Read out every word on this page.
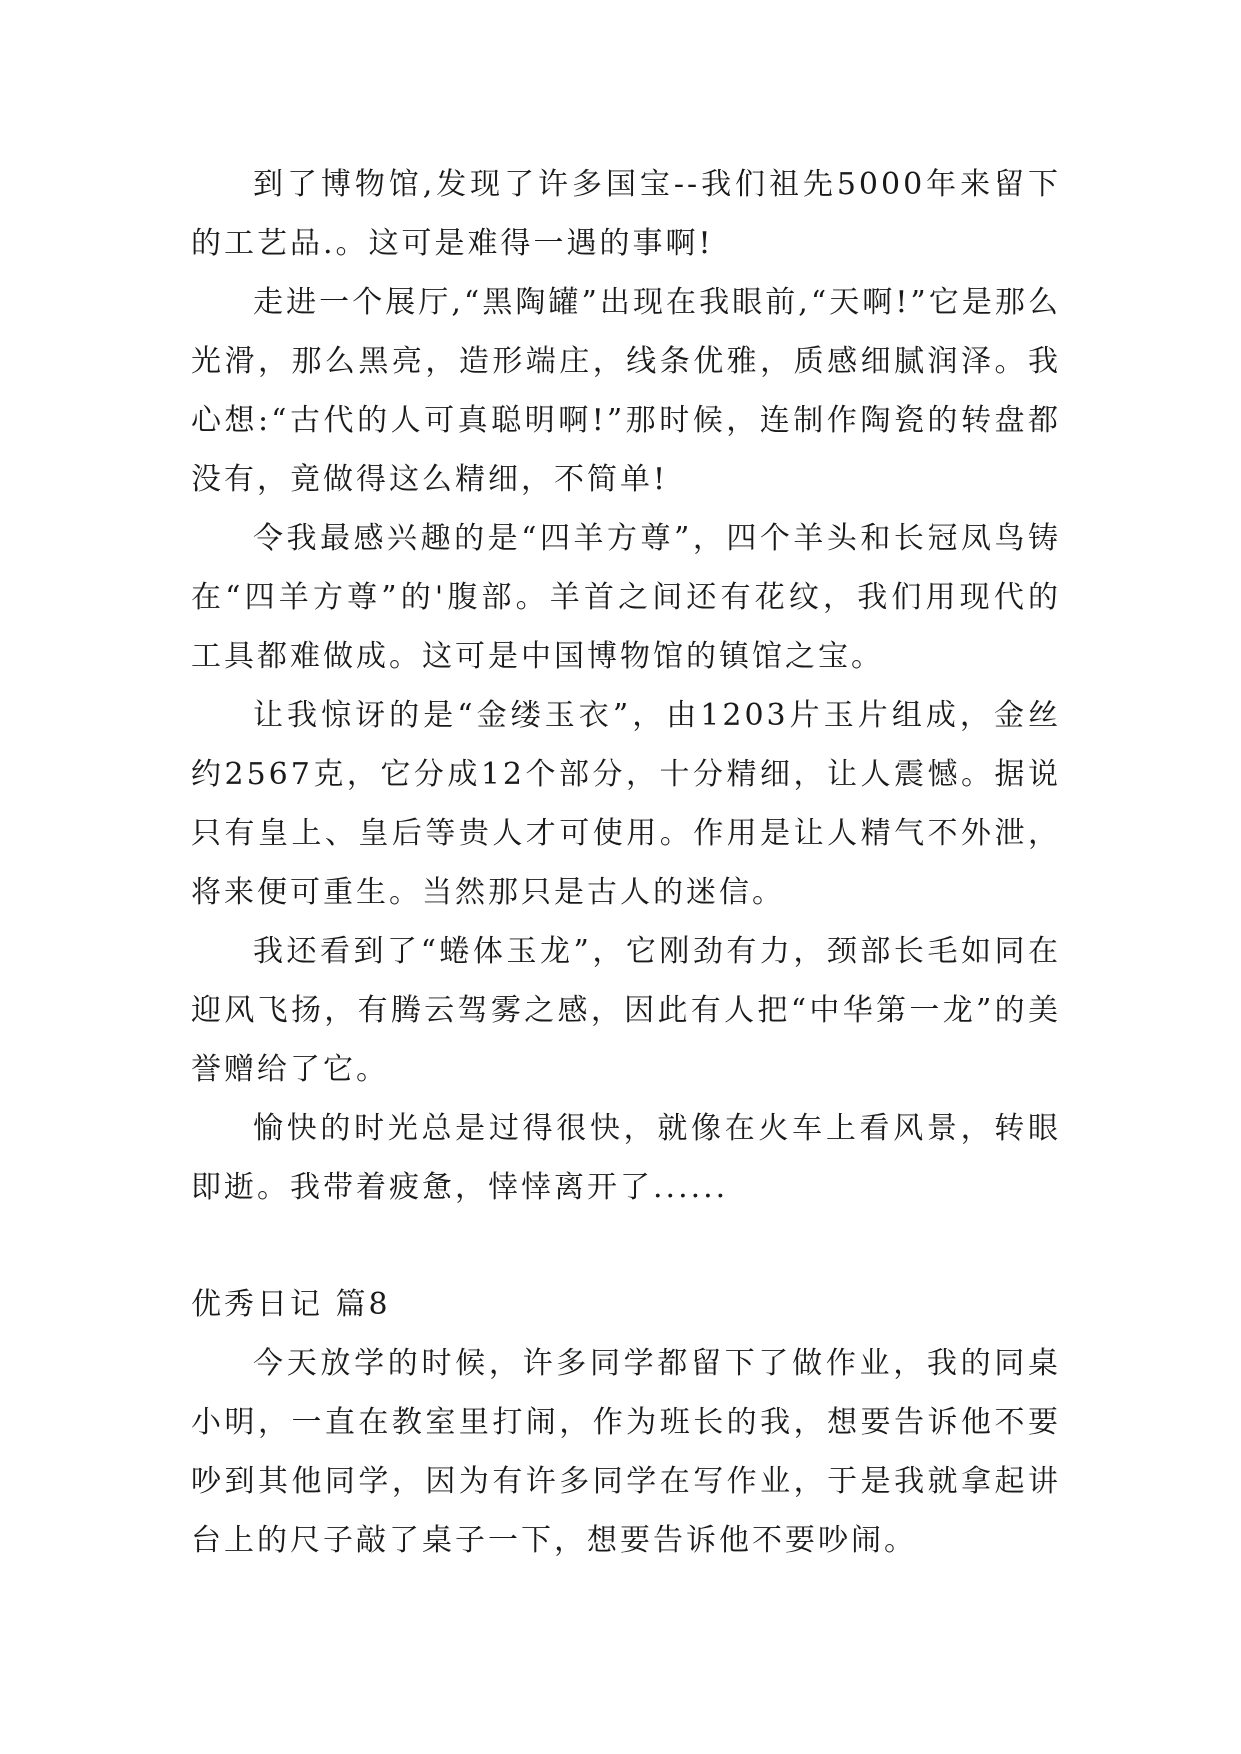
到了博物馆,发现了许多国宝--我们祖先5000年来留下的工艺品.。这可是难得一遇的事啊!

走进一个展厅,“黑陶罐”出现在我眼前,“天啊!”它是那么光滑，那么黑亮，造形端庄，线条优雅，质感细腻润泽。我心想:“古代的人可真聪明啊!”那时候，连制作陶瓷的转盘都没有，竟做得这么精细，不简单!

令我最感兴趣的是“四羊方尊”，四个羊头和长冠凤鸟铸在“四羊方尊”的'腹部。羊首之间还有花纹，我们用现代的工具都难做成。这可是中国博物馆的镇馆之宝。

让我惊讶的是“金缕玉衣”，由1203片玉片组成，金丝约2567克，它分成12个部分，十分精细，让人震憾。据说只有皇上、皇后等贵人才可使用。作用是让人精气不外泄，将来便可重生。当然那只是古人的迷信。

我还看到了“蜷体玉龙”，它刚劲有力，颈部长毛如同在迎风飞扬，有腾云驾雾之感，因此有人把“中华第一龙”的美誉赠给了它。

愉快的时光总是过得很快，就像在火车上看风景，转眼即逝。我带着疲惫，悻悻离开了......

优秀日记 篇8

今天放学的时候，许多同学都留下了做作业，我的同桌小明，一直在教室里打闹，作为班长的我，想要告诉他不要吵到其他同学，因为有许多同学在写作业，于是我就拿起讲台上的尺子敲了桌子一下，想要告诉他不要吵闹。
